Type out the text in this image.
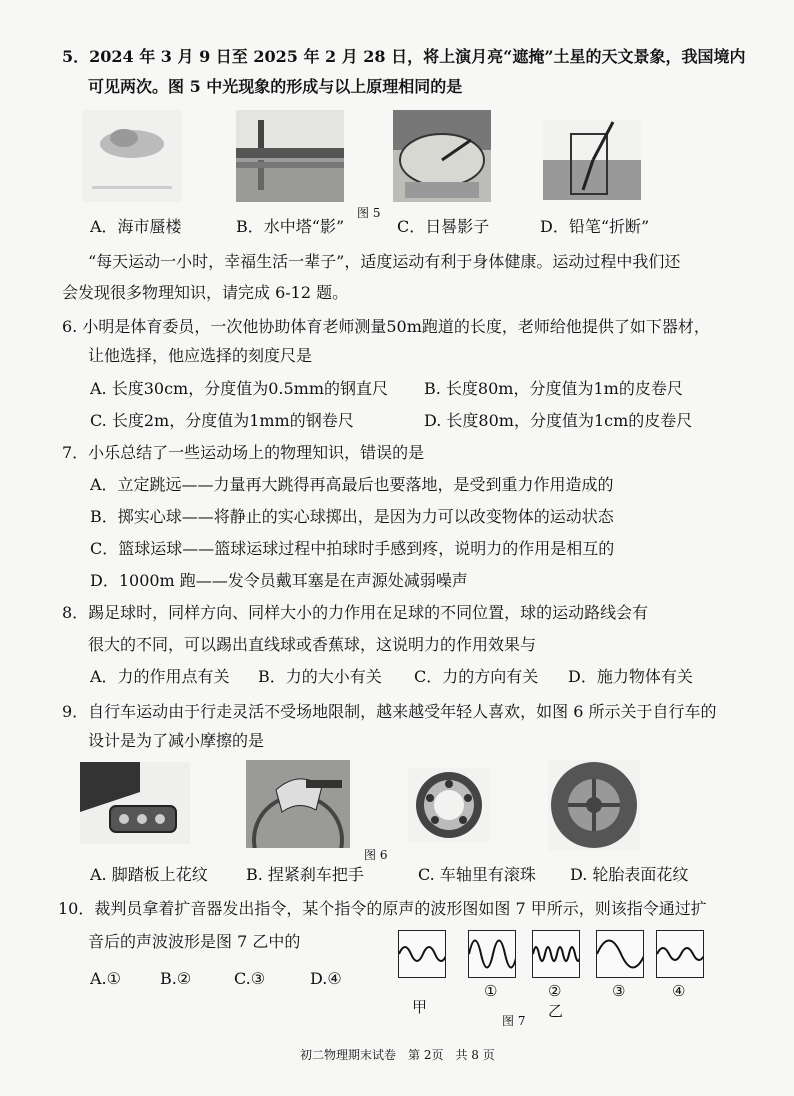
5．2024 年 3 月 9 日至 2025 年 2 月 28 日，将上演月亮“遮掩”土星的天文景象，我国境内
可见两次。图 5 中光现象的形成与以上原理相同的是
图 5
A．海市蜃楼	B．水中塔“影”	C．日晷影子	D．铅笔“折断”
“每天运动一小时，幸福生活一辈子”，适度运动有利于身体健康。运动过程中我们还
会发现很多物理知识，请完成 6-12 题。
6. 小明是体育委员，一次他协助体育老师测量50m跑道的长度，老师给他提供了如下器材，
让他选择，他应选择的刻度尺是
A. 长度30cm，分度值为0.5mm的钢直尺 B. 长度80m，分度值为1m的皮卷尺
C. 长度2m，分度值为1mm的钢卷尺	D. 长度80m，分度值为1cm的皮卷尺
7．小乐总结了一些运动场上的物理知识，错误的是
A．立定跳远——力量再大跳得再高最后也要落地，是受到重力作用造成的
B．掷实心球——将静止的实心球掷出，是因为力可以改变物体的运动状态
C．篮球运球——篮球运球过程中拍球时手感到疼，说明力的作用是相互的
D．1000m 跑——发令员戴耳塞是在声源处减弱噪声
8．踢足球时，同样方向、同样大小的力作用在足球的不同位置，球的运动路线会有
很大的不同，可以踢出直线球或香蕉球，这说明力的作用效果与
A．力的作用点有关 B．力的大小有关 C．力的方向有关 D．施力物体有关
9．自行车运动由于行走灵活不受场地限制，越来越受年轻人喜欢，如图 6 所示关于自行车的
设计是为了减小摩擦的是
图 6
A. 脚踏板上花纹 B. 捏紧刹车把手	C. 车轴里有滚珠 D. 轮胎表面花纹
10．裁判员拿着扩音器发出指令，某个指令的原声的波形图如图 7 甲所示，则该指令通过扩
音后的声波波形是图 7 乙中的
A.① B.②	C.③	D.④
①	②	③	④
甲	乙
图 7
初二物理期末试卷　第 2页　共 8 页
